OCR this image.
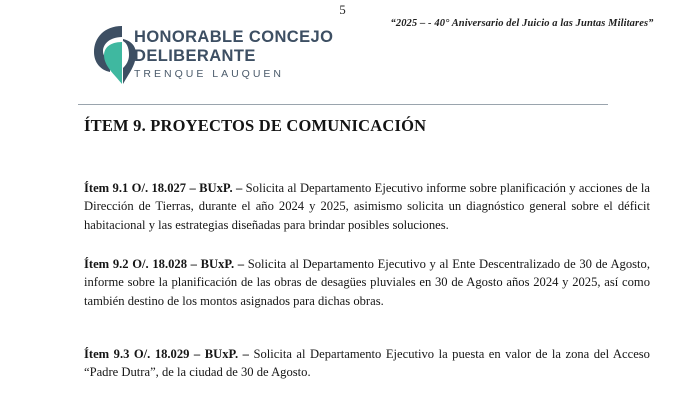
5
“2025 – - 40° Aniversario del Juicio a las Juntas Militares”
HONORABLE CONCEJO
DELIBERANTE
TRENQUE LAUQUEN
ÍTEM 9. PROYECTOS DE COMUNICACIÓN

Ítem 9.1 O/. 18.027 – BUxP. – Solicita al Departamento Ejecutivo informe sobre planificación y acciones de la Dirección de Tierras, durante el año 2024 y 2025, asimismo solicita un diagnóstico general sobre el déficit habitacional y las estrategias diseñadas para brindar posibles soluciones.

Ítem 9.2 O/. 18.028 – BUxP. – Solicita al Departamento Ejecutivo y al Ente Descentralizado de 30 de Agosto, informe sobre la planificación de las obras de desagües pluviales en 30 de Agosto años 2024 y 2025, así como también destino de los montos asignados para dichas obras.

Ítem 9.3 O/. 18.029 – BUxP. – Solicita al Departamento Ejecutivo la puesta en valor de la zona del Acceso “Padre Dutra”, de la ciudad de 30 de Agosto.
